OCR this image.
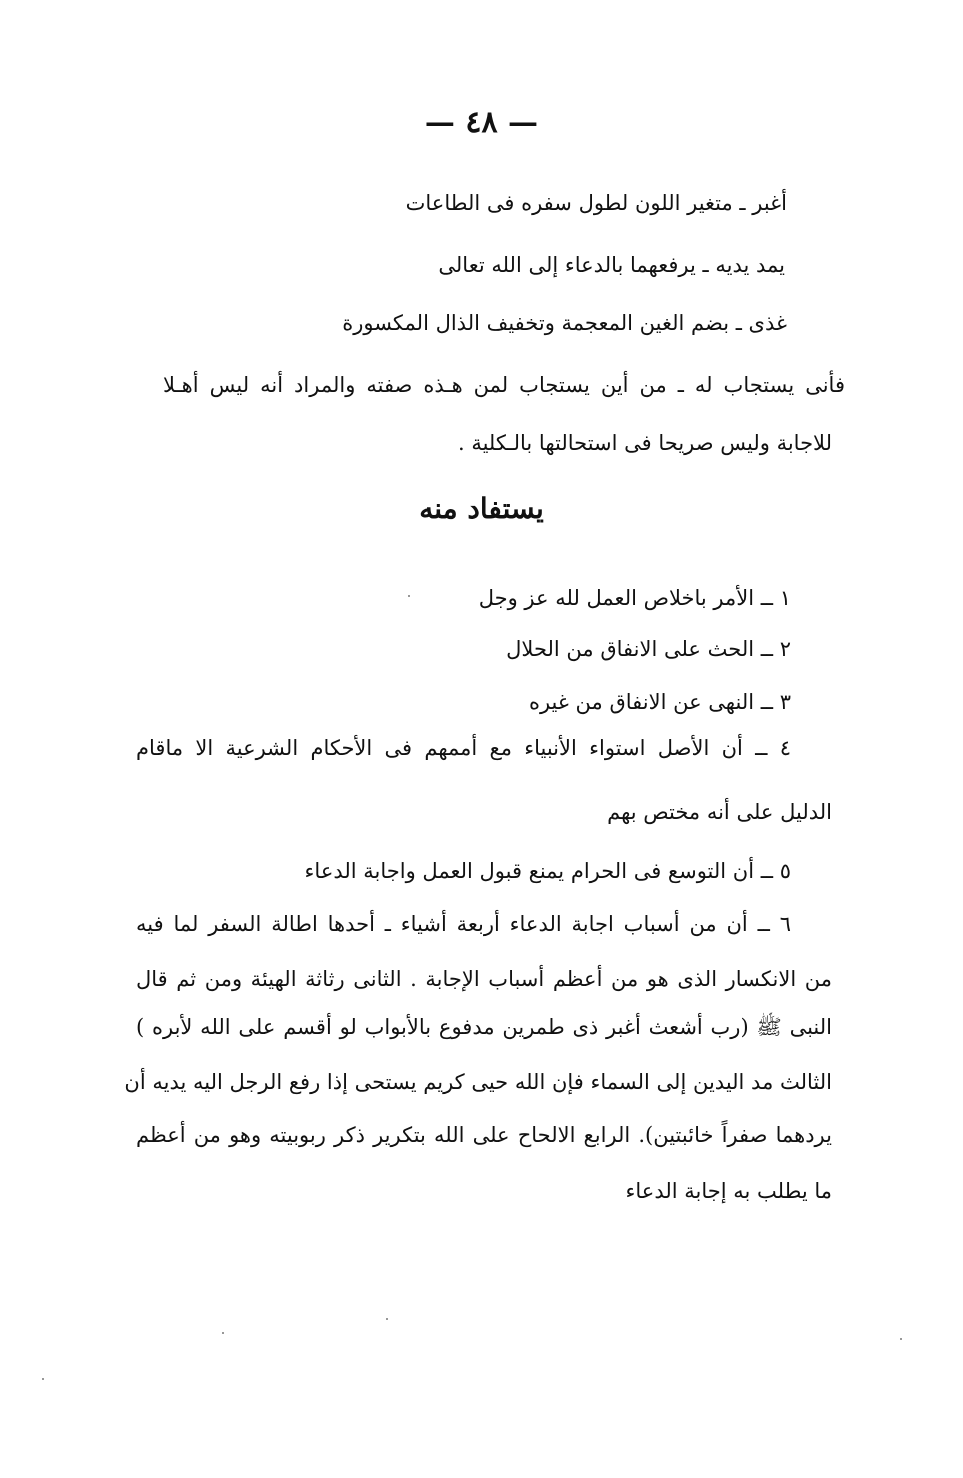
— ٤٨ —
أغبر ـ متغير اللون لطول سفره فى الطاعات
يمد يديه ـ يرفعهما بالدعاء إلى الله تعالى
غذى ـ بضم الغين المعجمة وتخفيف الذال المكسورة
فأنى يستجاب له ـ من أين يستجاب لمن هـذه صفته والمراد أنه ليس أهـلا
للاجابة وليس صريحا فى استحالتها بالـكلية .
يستفاد منه
١ ــ الأمر باخلاص العمل لله عز وجل
٢ ــ الحث على الانفاق من الحلال
٣ ــ النهى عن الانفاق من غيره
٤ ــ أن الأصل استواء الأنبياء مع أممهم فى الأحكام الشرعية الا ماقام
الدليل على أنه مختص بهم
٥ ــ أن التوسع فى الحرام يمنع قبول العمل واجابة الدعاء
٦ ــ أن من أسباب اجابة الدعاء أربعة أشياء ـ أحدها اطالة السفر لما فيه
من الانكسار الذى هو من أعظم أسباب الإجابة . الثانى رثاثة الهيئة ومن ثم قال
النبى ﷺ (رب أشعث أغبر ذى طمرين مدفوع بالأبواب لو أقسم على الله لأبره )
الثالث مد اليدين إلى السماء فإن الله حيى كريم يستحى إذا رفع الرجل اليه يديه أن
يردهما صفراً خائبتين). الرابع الالحاح على الله بتكرير ذكر ربوبيته وهو من أعظم
ما يطلب به إجابة الدعاء
